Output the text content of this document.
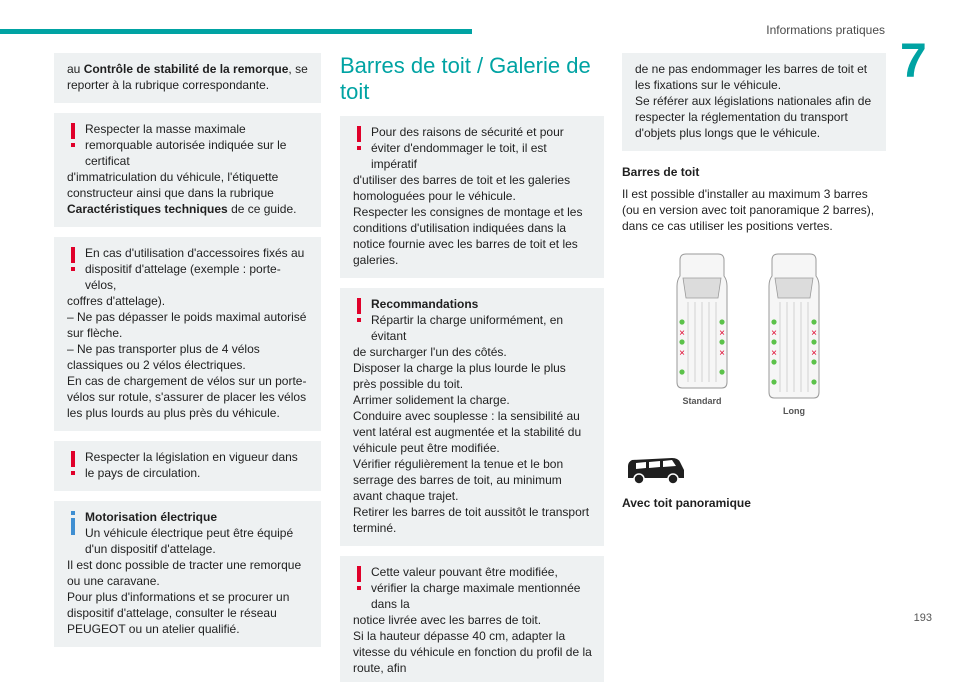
Informations pratiques
7

au Contrôle de stabilité de la remorque, se reporter à la rubrique correspondante.

Respecter la masse maximale remorquable autorisée indiquée sur le certificat

d'immatriculation du véhicule, l'étiquette constructeur ainsi que dans la rubrique Caractéristiques techniques de ce guide.

En cas d'utilisation d'accessoires fixés au dispositif d'attelage (exemple : porte-vélos,

coffres d'attelage).

– Ne pas dépasser le poids maximal autorisé sur flèche.

– Ne pas transporter plus de 4 vélos classiques ou 2 vélos électriques.

En cas de chargement de vélos sur un porte-vélos sur rotule, s'assurer de placer les vélos les plus lourds au plus près du véhicule.

Respecter la législation en vigueur dans le pays de circulation.

Motorisation électrique

Un véhicule électrique peut être équipé d'un dispositif d'attelage.

Il est donc possible de tracter une remorque ou une caravane.

Pour plus d'informations et se procurer un dispositif d'attelage, consulter le réseau PEUGEOT ou un atelier qualifié.

Barres de toit / Galerie de toit

Pour des raisons de sécurité et pour éviter d'endommager le toit, il est impératif

d'utiliser des barres de toit et les galeries homologuées pour le véhicule.

Respecter les consignes de montage et les conditions d'utilisation indiquées dans la notice fournie avec les barres de toit et les galeries.

Recommandations

Répartir la charge uniformément, en évitant

de surcharger l'un des côtés.

Disposer la charge la plus lourde le plus près possible du toit.

Arrimer solidement la charge.

Conduire avec souplesse : la sensibilité au vent latéral est augmentée et la stabilité du véhicule peut être modifiée.

Vérifier régulièrement la tenue et le bon serrage des barres de toit, au minimum avant chaque trajet.

Retirer les barres de toit aussitôt le transport terminé.

Cette valeur pouvant être modifiée, vérifier la charge maximale mentionnée dans la

notice livrée avec les barres de toit.

Si la hauteur dépasse 40 cm, adapter la vitesse du véhicule en fonction du profil de la route, afin

de ne pas endommager les barres de toit et les fixations sur le véhicule.

Se référer aux législations nationales afin de respecter la réglementation du transport d'objets plus longs que le véhicule.

Barres de toit

Il est possible d'installer au maximum 3 barres (ou en version avec toit panoramique 2 barres), dans ce cas utiliser les positions vertes.

×	×
×	×
Standard
×	×
×	×
Long
Avec toit panoramique
193
